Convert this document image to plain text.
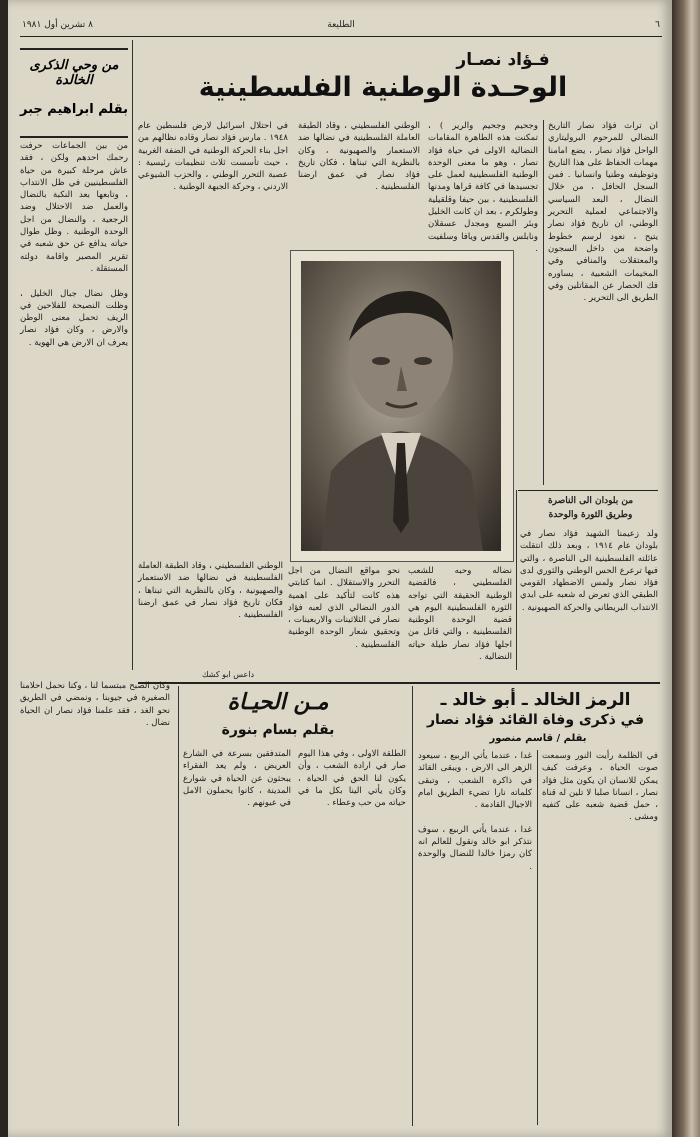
٨ تشرين أول ١٩٨١	الطليعة	٦
من وحي الذكرى الخالدة
بقلم ابراهيم جبر
من بين الجماعات حرفت رحمك احدهم ولكن ، فقد عاش مرحلة كبيرة من حياة الفلسطينيين في ظل الانتداب ، وتابعها بعد النكبة بالنضال والعمل ضد الاحتلال وضد الرجعية ، والنضال من اجل الوحدة الوطنية . وظل طوال حياته يدافع عن حق شعبه في تقرير المصير واقامة دولته المستقلة .

وظل نضال جبال الخليل ، وظلت النصيحة للفلاحين في الريف تحمل معنى الوطن والارض ، وكان فؤاد نصار يعرف ان الارض هي الهوية .
فـؤاد نصـار
الوحـدة الوطنية الفلسطينية
ان تراث فؤاد نصار التاريخ النضالي للمرحوم البروليتاري الواحل فؤاد نصار ، يضع امامنا مهمات الحفاظ على هذا التاريخ وتوظيفه وطنيا وانسانيا . فمن السجل الحافل ، من خلال النضال ، البعد السياسي والاجتماعي لعملية التحرير الوطني، ان تاريخ فؤاد نصار يتيح ، نعود لرسم خطوط واضحة من داخل السجون والمعتقلات والمنافي وفي المخيمات الشعبية ، يساوره فك الحصار عن المقاتلين وفي الطريق الى التحرير .
وجحيم وجحيم والرير ) ، تمكنت هذه الطاهرة المقامات النضالية الاولى في حياة فؤاد نصار ، وهو ما معنى الوحدة الوطنية الفلسطينية لعمل على تجسيدها في كافة قراها ومدنها الفلسطينية ، بين حيفا وقلقيلية وطولكرم ، بعد ان كانت الخليل وبئر السبع ومجدل عسقلان ونابلس والقدس ويافا وسلفيت .
الوطني الفلسطيني ، وقاد الطبقة العاملة الفلسطينية في نضالها ضد الاستعمار والصهيونية ، وكان بالنظرية التي تبناها ، فكان تاريخ فؤاد نصار في عمق ارضنا الفلسطينية .
في احتلال اسرائيل لارض فلسطين عام ١٩٤٨ . مارس فؤاد نصار وقاده نظالهم من اجل بناء الحركة الوطنية في الضفة الغربية ، حيث تأسست ثلاث تنظيمات رئيسية : عصبة التحرر الوطني ، والحزب الشيوعي الاردني ، وحركة الجبهة الوطنية .
من بلودان الى الناصرة
وطريق الثورة والوحدة
ولد زعيمنا الشهيد فؤاد نصار في بلودان عام ١٩١٤ ، وبعد ذلك انتقلت عائلته الفلسطينية الى الناصرة ، والتي فيها ترعرع الحس الوطني والثوري لدى فؤاد نصار ولمس الاضطهاد القومي الطبقي الذي تعرض له شعبه على ايدي الانتداب البريطاني والحركة الصهيونية .
نضاله وحبه للشعب الفلسطيني ، فالقضية الوطنية الحقيقة التي تواجه الثورة الفلسطينية اليوم هي قضية الوحدة الوطنية الفلسطينية ، والتي قاتل من اجلها فؤاد نصار طيلة حياته النضالية .
نحو مواقع النضال من اجل التحرر والاستقلال . انما كتابتي هذه كانت لتأكيد على اهمية الدور النضالي الذي لعبه فؤاد نصار في الثلاثينات والاربعينات ، وتحقيق شعار الوحدة الوطنية الفلسطينية .
الوطني الفلسطيني ، وقاد الطبقة العاملة الفلسطينية في نضالها ضد الاستعمار والصهيونية ، وكان بالنظرية التي تبناها ، فكان تاريخ فؤاد نصار في عمق ارضنا الفلسطينية .
داعس ابو كشك
الرمز الخالد ـ أبو خالد ـ
في ذكرى وفاة القائد فؤاد نصار
بقلم / قاسم منصور
في الظلمة رأيت النور وسمعت صوت الحياة ، وعرفت كيف يمكن للانسان ان يكون مثل فؤاد نصار ، انسانا صلبا لا تلين له قناة ، حمل قضية شعبه على كتفيه ومشى .
غدا ، عندما يأتي الربيع ، سيعود الزهر الى الارض ، ويبقى القائد في ذاكرة الشعب ، وتبقى كلماته نارا تضيء الطريق امام الاجيال القادمة .

غدا ، عندما يأتي الربيع ، سوف نتذكر ابو خالد ونقول للعالم انه كان رمزا خالدا للنضال والوحدة .
مـن الحيـاة
بقلم بسام بنورة
الطلقة الاولى ، وفي هذا اليوم صار في ارادة الشعب ، وأن يكون لنا الحق في الحياة ، وكان يأتي الينا بكل ما في حياته من حب وعطاء .
المتدفقين بسرعة في الشارع العريض ، ولم يعد الفقراء يبحثون عن الحياة في شوارع المدينة ، كانوا يحملون الامل في عيونهم .
وكان الصبح مبتسما لنا ، وكنا نحمل احلامنا الصغيرة في جيوبنا ، ونمضي في الطريق نحو الغد ، فقد علمنا فؤاد نصار ان الحياة نضال .
